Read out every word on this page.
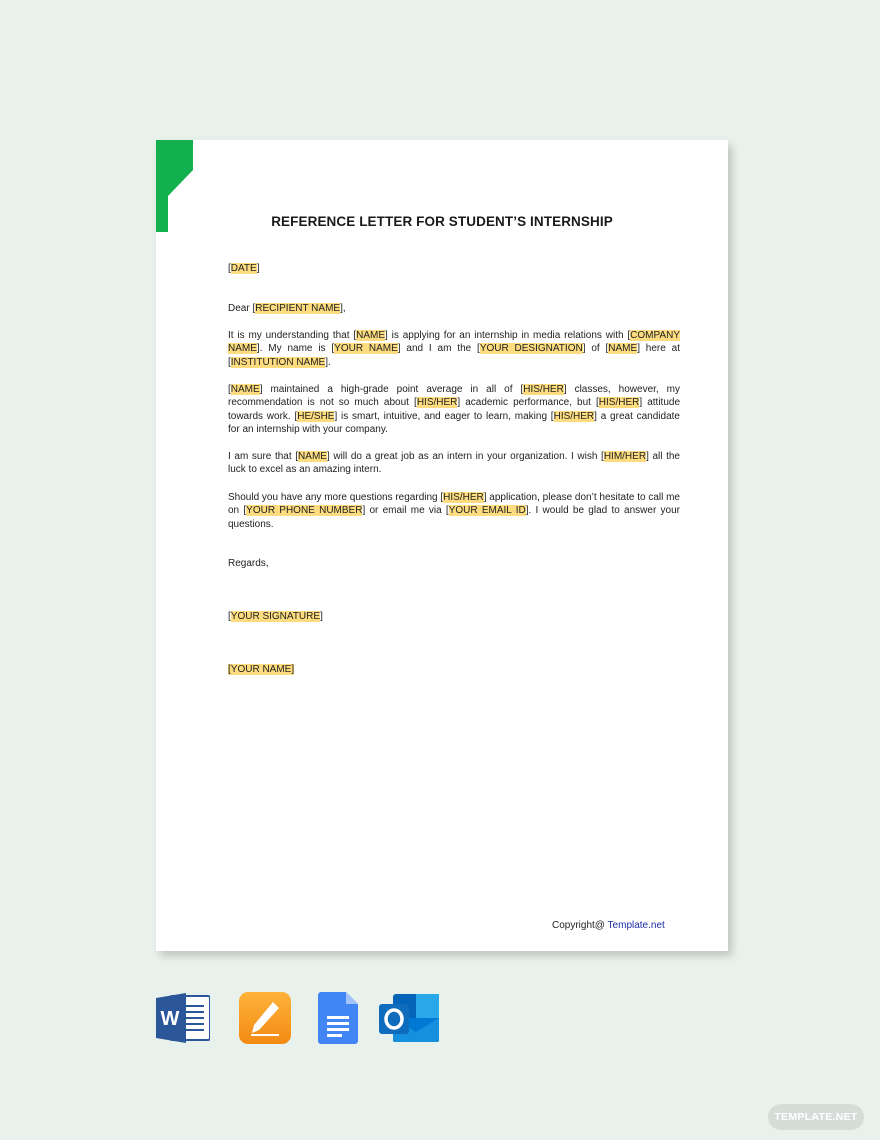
REFERENCE LETTER FOR STUDENT’S INTERNSHIP
[DATE]
Dear [RECIPIENT NAME],
It is my understanding that [NAME] is applying for an internship in media relations with [COMPANY NAME]. My name is [YOUR NAME] and I am the [YOUR DESIGNATION] of [NAME] here at [INSTITUTION NAME].
[NAME] maintained a high-grade point average in all of [HIS/HER] classes, however, my recommendation is not so much about [HIS/HER] academic performance, but [HIS/HER] attitude towards work. [HE/SHE] is smart, intuitive, and eager to learn, making [HIS/HER] a great candidate for an internship with your company.
I am sure that [NAME] will do a great job as an intern in your organization. I wish [HIM/HER] all the luck to excel as an amazing intern.
Should you have any more questions regarding [HIS/HER] application, please don’t hesitate to call me on [YOUR PHONE NUMBER] or email me via [YOUR EMAIL ID]. I would be glad to answer your questions.
Regards,
[YOUR SIGNATURE]
[YOUR NAME]
Copyright@ Template.net
W
TEMPLATE.NET
